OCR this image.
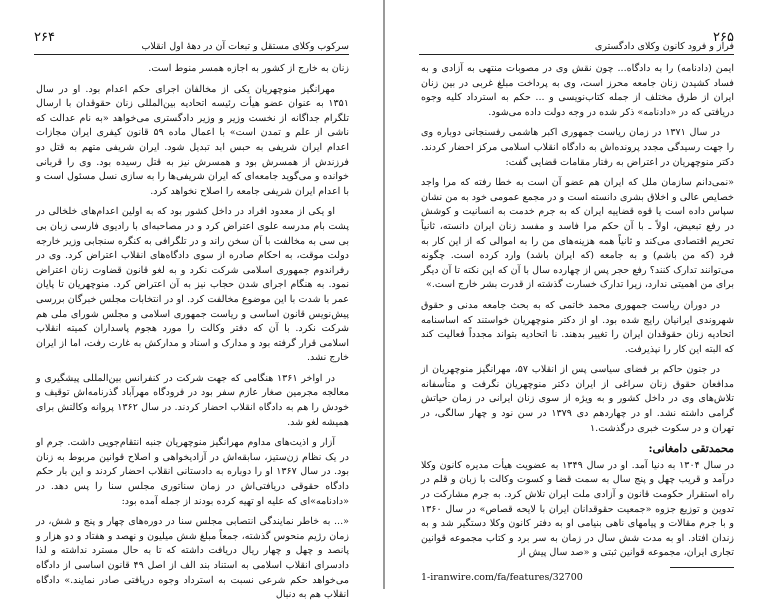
۲۶۴
سرکوب وکلای مستقل و تبعات آن در دهۀ اول انقلاب

زنان به خارج از کشور به اجازه همسر منوط است.

مهرانگیز منوچهریان یکی از مخالفان اجرای حکم اعدام بود. او در سال ۱۳۵۱ به عنوان عضو هیأت رئیسه اتحادیه بین‌المللی زنان حقوقدان با ارسال تلگرام جداگانه از نخست وزیر و وزیر دادگستری می‌خواهد «به نام عدالت که ناشی از علم و تمدن است» با اعمال ماده ۵۹ قانون کیفری ایران مجازات اعدام ایران شریفی به حبس ابد تبدیل شود. ایران شریفی متهم به قتل دو فرزندش از همسرش بود و همسرش نیز به قتل رسیده بود. وی را قربانی خوانده و می‌گوید جامعه‌ای که ایران شریفی‌ها را به سازی نسل مسئول است و با اعدام ایران شریفی جامعه را اصلاح نخواهد کرد.

او یکی از معدود افراد در داخل کشور بود که به اولین اعدام‌های خلخالی در پشت بام مدرسه علوی اعتراض کرد و در مصاحبه‌ای با رادیوی فارسی زبان بی بی سی به مخالفت با آن سخن راند و در تلگرافی به کنگره سنجابی وزیر خارجه دولت موقت، به احکام صادره از سوی دادگاه‌های انقلاب اعتراض کرد. وی در رفراندوم جمهوری اسلامی شرکت نکرد و به لغو قانون قضاوت زنان اعتراض نمود. به هنگام اجرای شدن حجاب نیز به آن اعتراض کرد. منوچهریان تا پایان عمر با شدت با این موضوع مخالفت کرد. او در انتخابات مجلس خبرگان بررسی پیش‌نویس قانون اساسی و ریاست جمهوری اسلامی و مجلس شورای ملی هم شرکت نکرد. با آن که دفتر وکالت را مورد هجوم پاسداران کمیته انقلاب اسلامی قرار گرفته بود و مدارک و اسناد و مدارکش به غارت رفت، اما از ایران خارج نشد.

در اواخر ۱۳۶۱ هنگامی که جهت شرکت در کنفرانس بین‌المللی پیشگیری و معالجه مجرمین صغار عازم سفر بود در فرودگاه مهرآباد گذرنامه‌اش توقیف و خودش را هم به دادگاه انقلاب احضار کردند. در سال ۱۳۶۲ پروانه وکالتش برای همیشه لغو شد.

آزار و اذیت‌های مداوم مهرانگیز منوچهریان جنبه انتقام‌جویی داشت. جرم او در یک نظام زن‌ستیز، سابقه‌اش در آزادیخواهی و اصلاح قوانین مربوط به زنان بود. در سال ۱۳۶۷ او را دوباره به دادستانی انقلاب احضار کردند و این بار حکم دادگاه حقوقی دریافتی‌اش در زمان سناتوری مجلس سنا را پس دهد. در «دادنامه»ای که علیه او تهیه کرده بودند از جمله آمده بود:

«... به خاطر نمایندگی انتصابی مجلس سنا در دوره‌های چهار و پنج و شش، در زمان رژیم منحوس گذشته، جمعاً مبلغ شش میلیون و نهصد و هفتاد و دو هزار و پانصد و چهل و چهار ریال دریافت داشته که تا به حال مسترد نداشته و لذا دادسرای انقلاب اسلامی به استناد بند الف از اصل ۴۹ قانون اساسی از دادگاه می‌خواهد حکم شرعی نسبت به استرداد وجوه دریافتی صادر نمایند.» دادگاه انقلاب هم به دنبال

۲۶۵
فراز و فرود کانون وکلای دادگستری

ایمن (دادنامه) را به دادگاه... چون نقش وی در مصوبات منتهی به آزادی و به فساد کشیدن زنان جامعه محرز است، وی به پرداخت مبلغ غربی در بین زنان ایران از طرق مختلف از جمله کتاب‌نویسی و ... حکم به استرداد کلیه وجوه دریافتی که در «دادنامه» ذکر شده در وجه دولت داده می‌شود.

در سال ۱۳۷۱ در زمان ریاست جمهوری اکبر هاشمی رفسنجانی دوباره وی را جهت رسیدگی مجدد پرونده‌اش به دادگاه انقلاب اسلامی مرکز احضار کردند. دکتر منوچهریان در اعتراض به رفتار مقامات قضایی گفت:

«نمی‌دانم سازمان ملل که ایران هم عضو آن است به خطا رفته که مرا واجد خصایص عالی و اخلاق بشری دانسته است و در مجمع عمومی خود به من نشان سپاس داده است یا قوه قضاییه ایران که به جرم خدمت به انسانیت و کوشش در رفع تبعیض، اولاً ـ با آن حکم مرا فاسد و مفسد زنان ایران دانسته، ثانیاً تحریم اقتصادی می‌کند و ثانیاً همه هزینه‌های من را به اموالی که از این کار به فرد (که من باشم) و به جامعه (که ایران باشد) وارد کرده است. چگونه می‌توانند تدارک کنند؟ رفع حجر پس از چهارده سال با آن که این نکته تا آن دیگر برای من اهمیتی ندارد، زیرا تدارک خسارت گذشته از قدرت بشر خارج است.»

در دوران ریاست جمهوری محمد خاتمی که به بحث جامعه مدنی و حقوق شهروندی ایرانیان رایج شده بود. او از دکتر منوچهریان خواستند که اساسنامه اتحادیه زنان حقوقدان ایران را تغییر بدهند. نا اتحادیه بتواند مجدداً فعالیت کند که البته این کار را نپذیرفت.

در جنون حاکم بر فضای سیاسی پس از انقلاب ۵۷، مهرانگیز منوچهریان از مدافعان حقوق زنان سراغی از ایران دکتر منوچهریان نگرفت و متأسفانه تلاش‌های وی در داخل کشور و به ویژه از سوی زنان ایرانی در زمان حیاتش گرامی داشته نشد. او در چهاردهم دی ۱۳۷۹ در سن نود و چهار سالگی، در تهران و در سکوت خبری درگذشت.۱

محمدتقی دامغانی:

در سال ۱۳۰۴ به دنیا آمد. او در سال ۱۳۴۹ به عضویت هیأت مدیره کانون وکلا درآمد و قریب چهل و پنج سال به سمت قضا و کسوت وکالت با زبان و قلم در راه استقرار حکومت قانون و آزادی ملت ایران تلاش کرد. به جرم مشارکت در تدوین و توزیع جزوه «جمعیت حقوقدانان ایران با لایحه قصاص» در سال ۱۳۶۰ و با جرم مقالات و پیامهای ناهی بنیامی او به دفتر کانون وکلا دستگیر شد و به زندان افتاد. او به مدت شش سال در زمان به سر برد و کتاب مجموعه قوانین تجاری ایران، مجموعه قوانین ثبتی و «صد سال پیش از

1-iranwire.com/fa/features/32700
